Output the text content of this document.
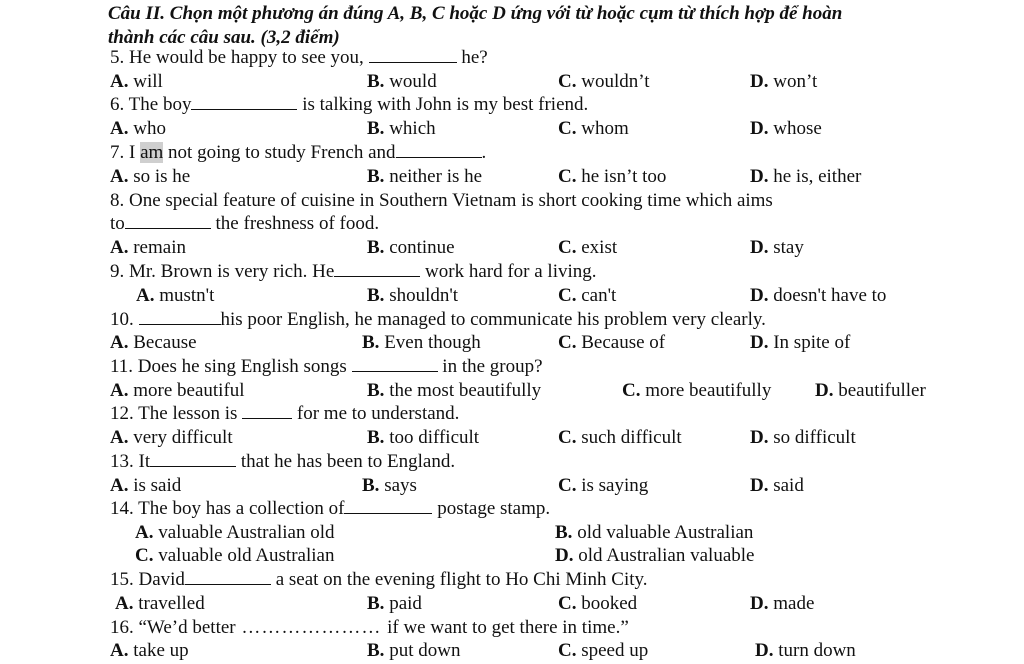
Câu II. Chọn một phương án đúng A, B, C hoặc D ứng với từ hoặc cụm từ thích hợp để hoàn
thành các câu sau. (3,2 điểm)
5. He would be happy to see you,	he?
A. will	B. would	C. wouldn’t	D. won’t
6. The boy	is talking with John is my best friend.
A. who	B. which	C. whom	D. whose
7. I am not going to study French and	.
A. so is he	B. neither is he	C. he isn’t too	D. he is, either
8. One special feature of cuisine in Southern Vietnam is short cooking time which aims
to	the freshness of food.
A. remain	B. continue	C. exist	D. stay
9. Mr. Brown is very rich. He	work hard for a living.
A. mustn't	B. shouldn't	C. can't	D. doesn't have to
10.	his poor English, he managed to communicate his problem very clearly.
A. Because	B. Even though	C. Because of	D. In spite of
11. Does he sing English songs	in the group?
A. more beautiful	B. the most beautifully	C. more beautifully D. beautifuller
12. The lesson is	for me to understand.
A. very difficult	B. too difficult	C. such difficult	D. so difficult
13. It	that he has been to England.
A. is said	B. says	C. is saying	D. said
14. The boy has a collection of	postage stamp.
A. valuable Australian old	B. old valuable Australian
C. valuable old Australian	D. old Australian valuable
15. David	a seat on the evening flight to Ho Chi Minh City.
A. travelled	B. paid	C. booked	D. made
16. “We’d better ………………… if we want to get there in time.”
A. take up	B. put down	C. speed up	D. turn down
